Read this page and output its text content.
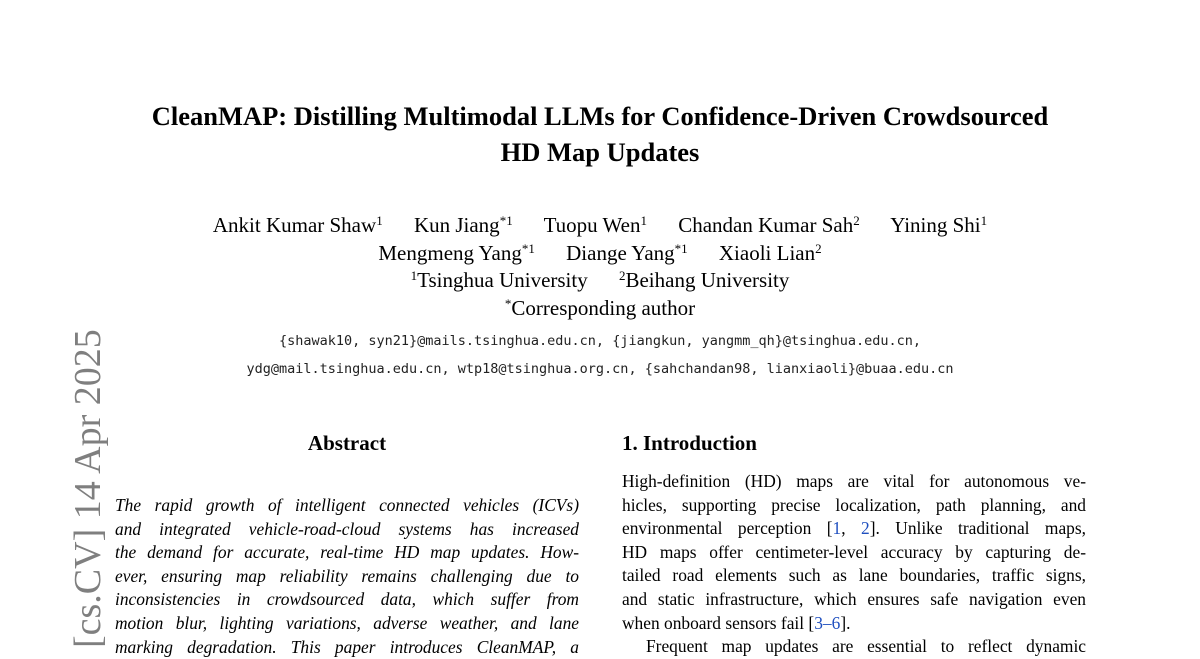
[cs.CV] 14 Apr 2025
CleanMAP: Distilling Multimodal LLMs for Confidence-Driven Crowdsourced
HD Map Updates
Ankit Kumar Shaw$^1$ Kun Jiang$^{*1}$ Tuopu Wen$^1$ Chandan Kumar Sah$^2$ Yining Shi$^1$
Mengmeng Yang$^{*1}$ Diange Yang$^{*1}$ Xiaoli Lian$^2$
$^1$Tsinghua University $^2$Beihang University
*Corresponding author
{shawak10, syn21}@mails.tsinghua.edu.cn, {jiangkun, yangmm_qh}@tsinghua.edu.cn,
ydg@mail.tsinghua.edu.cn, wtp18@tsinghua.org.cn, {sahchandan98, lianxiaoli}@buaa.edu.cn
Abstract	1. Introduction
The rapid growth of intelligent connected vehicles (ICVs)
and integrated vehicle-road-cloud systems has increased
the demand for accurate, real-time HD map updates. How-
ever, ensuring map reliability remains challenging due to
inconsistencies in crowdsourced data, which suffer from
motion blur, lighting variations, adverse weather, and lane
marking degradation. This paper introduces CleanMAP, a
High-definition (HD) maps are vital for autonomous ve-
hicles, supporting precise localization, path planning, and
environmental perception [1, 2]. Unlike traditional maps,
HD maps offer centimeter-level accuracy by capturing de-
tailed road elements such as lane boundaries, traffic signs,
and static infrastructure, which ensures safe navigation even
when onboard sensors fail [3–6].
Frequent map updates are essential to reflect dynamic
